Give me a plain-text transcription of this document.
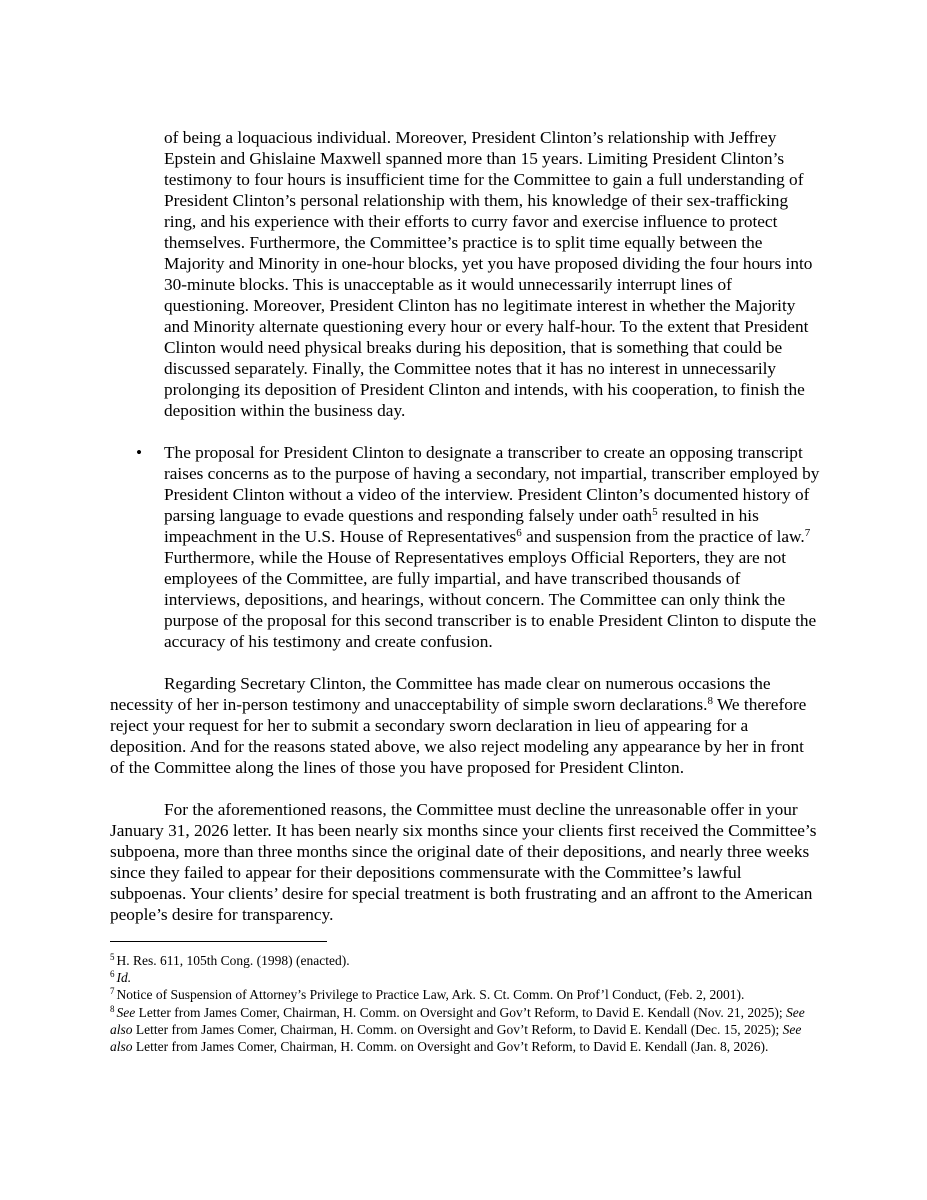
of being a loquacious individual. Moreover, President Clinton’s relationship with Jeffrey Epstein and Ghislaine Maxwell spanned more than 15 years. Limiting President Clinton’s testimony to four hours is insufficient time for the Committee to gain a full understanding of President Clinton’s personal relationship with them, his knowledge of their sex-trafficking ring, and his experience with their efforts to curry favor and exercise influence to protect themselves. Furthermore, the Committee’s practice is to split time equally between the Majority and Minority in one-hour blocks, yet you have proposed dividing the four hours into 30-minute blocks. This is unacceptable as it would unnecessarily interrupt lines of questioning. Moreover, President Clinton has no legitimate interest in whether the Majority and Minority alternate questioning every hour or every half-hour. To the extent that President Clinton would need physical breaks during his deposition, that is something that could be discussed separately. Finally, the Committee notes that it has no interest in unnecessarily prolonging its deposition of President Clinton and intends, with his cooperation, to finish the deposition within the business day.

• The proposal for President Clinton to designate a transcriber to create an opposing transcript raises concerns as to the purpose of having a secondary, not impartial, transcriber employed by President Clinton without a video of the interview. President Clinton’s documented history of parsing language to evade questions and responding falsely under oath$^5$ resulted in his impeachment in the U.S. House of Representatives$^6$ and suspension from the practice of law.$^7$ Furthermore, while the House of Representatives employs Official Reporters, they are not employees of the Committee, are fully impartial, and have transcribed thousands of interviews, depositions, and hearings, without concern. The Committee can only think the purpose of the proposal for this second transcriber is to enable President Clinton to dispute the accuracy of his testimony and create confusion.

Regarding Secretary Clinton, the Committee has made clear on numerous occasions the necessity of her in-person testimony and unacceptability of simple sworn declarations.$^8$ We therefore reject your request for her to submit a secondary sworn declaration in lieu of appearing for a deposition. And for the reasons stated above, we also reject modeling any appearance by her in front of the Committee along the lines of those you have proposed for President Clinton.

For the aforementioned reasons, the Committee must decline the unreasonable offer in your January 31, 2026 letter. It has been nearly six months since your clients first received the Committee’s subpoena, more than three months since the original date of their depositions, and nearly three weeks since they failed to appear for their depositions commensurate with the Committee’s lawful subpoenas. Your clients’ desire for special treatment is both frustrating and an affront to the American people’s desire for transparency.

$^5$ H. Res. 611, 105th Cong. (1998) (enacted).

$^6$ Id.

$^7$ Notice of Suspension of Attorney’s Privilege to Practice Law, Ark. S. Ct. Comm. On Prof’l Conduct, (Feb. 2, 2001).

$^8$ See Letter from James Comer, Chairman, H. Comm. on Oversight and Gov’t Reform, to David E. Kendall (Nov. 21, 2025); See also Letter from James Comer, Chairman, H. Comm. on Oversight and Gov’t Reform, to David E. Kendall (Dec. 15, 2025); See also Letter from James Comer, Chairman, H. Comm. on Oversight and Gov’t Reform, to David E. Kendall (Jan. 8, 2026).
